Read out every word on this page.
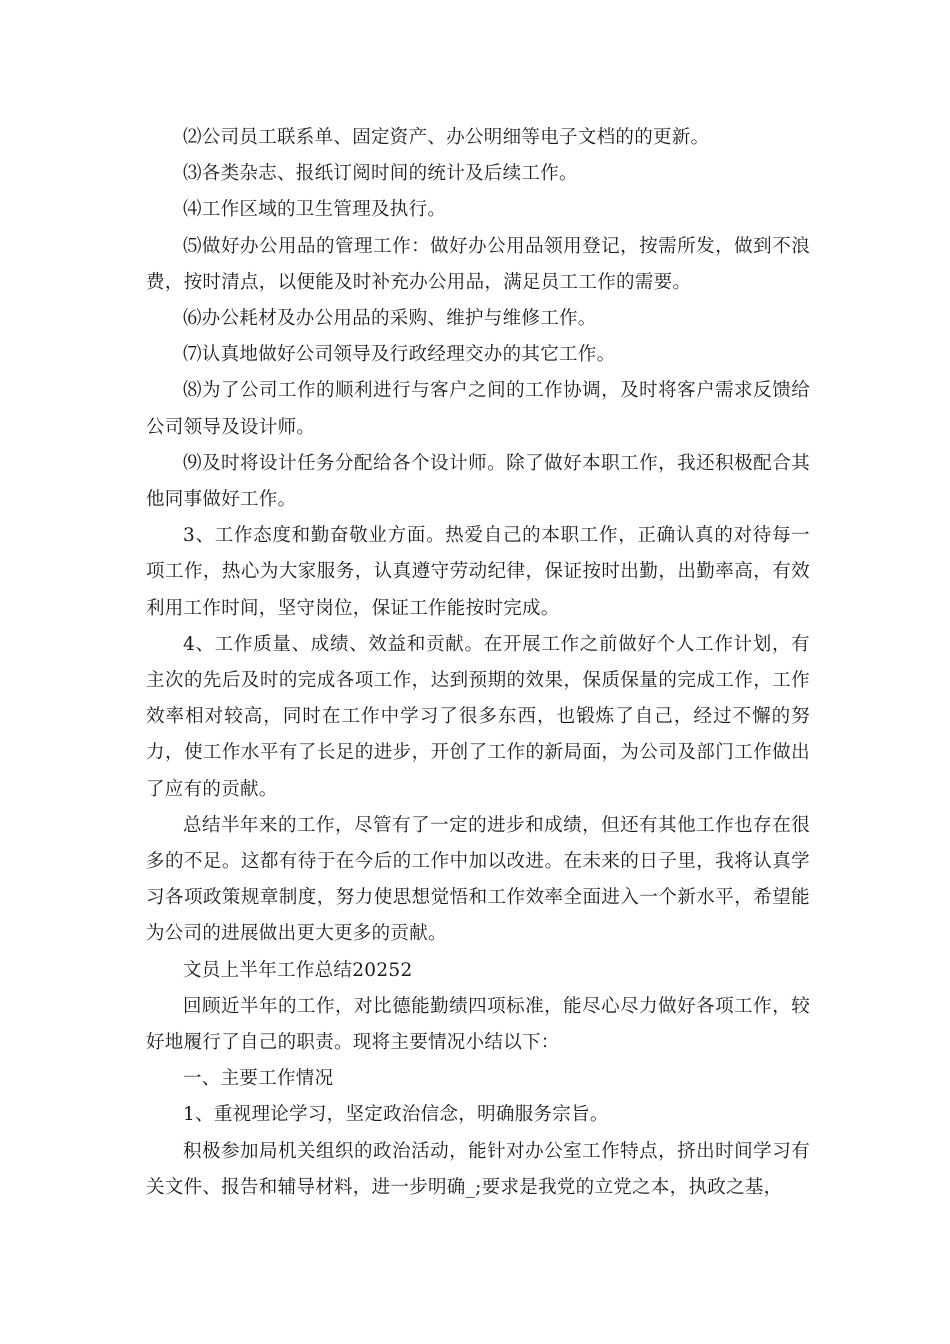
⑵公司员工联系单、固定资产、办公明细等电子文档的的更新。

⑶各类杂志、报纸订阅时间的统计及后续工作。

⑷工作区域的卫生管理及执行。

⑸做好办公用品的管理工作：做好办公用品领用登记，按需所发，做到不浪费，按时清点，以便能及时补充办公用品，满足员工工作的需要。

⑹办公耗材及办公用品的采购、维护与维修工作。

⑺认真地做好公司领导及行政经理交办的其它工作。

⑻为了公司工作的顺利进行与客户之间的工作协调，及时将客户需求反馈给公司领导及设计师。

⑼及时将设计任务分配给各个设计师。除了做好本职工作，我还积极配合其他同事做好工作。

3、工作态度和勤奋敬业方面。热爱自己的本职工作，正确认真的对待每一项工作，热心为大家服务，认真遵守劳动纪律，保证按时出勤，出勤率高，有效利用工作时间，坚守岗位，保证工作能按时完成。

4、工作质量、成绩、效益和贡献。在开展工作之前做好个人工作计划，有主次的先后及时的完成各项工作，达到预期的效果，保质保量的完成工作，工作效率相对较高，同时在工作中学习了很多东西，也锻炼了自己，经过不懈的努力，使工作水平有了长足的进步，开创了工作的新局面，为公司及部门工作做出了应有的贡献。

总结半年来的工作，尽管有了一定的进步和成绩，但还有其他工作也存在很多的不足。这都有待于在今后的工作中加以改进。在未来的日子里，我将认真学习各项政策规章制度，努力使思想觉悟和工作效率全面进入一个新水平，希望能为公司的进展做出更大更多的贡献。

文员上半年工作总结20252

回顾近半年的工作，对比德能勤绩四项标准，能尽心尽力做好各项工作，较好地履行了自己的职责。现将主要情况小结以下：

一、主要工作情况

1、重视理论学习，坚定政治信念，明确服务宗旨。

积极参加局机关组织的政治活动，能针对办公室工作特点，挤出时间学习有关文件、报告和辅导材料，进一步明确_;要求是我党的立党之本，执政之基，
